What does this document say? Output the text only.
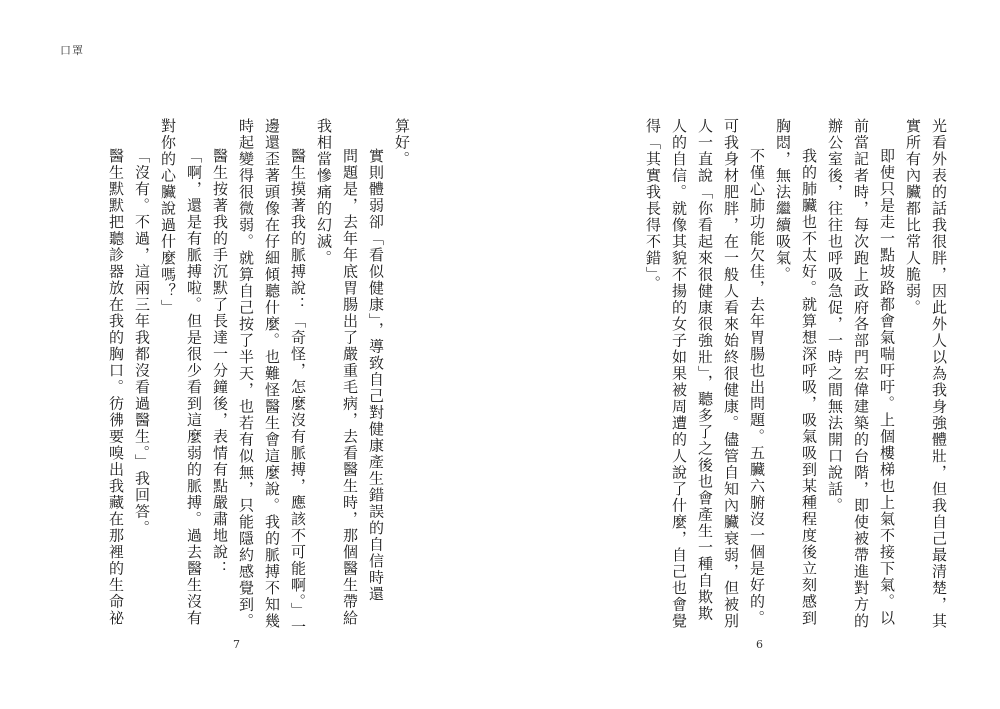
口罩

光看外表的話我很胖，因此外人以為我身強體壯，但我自己最清楚，其實所有內臟都比常人脆弱。

即使只是走一點坡路都會氣喘吁吁。上個樓梯也上氣不接下氣。以前當記者時，每次跑上政府各部門宏偉建築的台階，即使被帶進對方的辦公室後，往往也呼吸急促，一時之間無法開口說話。

我的肺臟也不太好。就算想深呼吸，吸氣吸到某種程度後立刻感到胸悶，無法繼續吸氣。

不僅心肺功能欠佳，去年胃腸也出問題。五臟六腑沒一個是好的。可我身材肥胖，在一般人看來始終很健康。儘管自知內臟衰弱，但被別人一直說「你看起來很健康很強壯」，聽多了之後也會產生一種自欺欺人的自信。就像其貌不揚的女子如果被周遭的人說了什麼，自己也會覺得「其實我長得不錯」。

算好。

實則體弱卻「看似健康」，導致自己對健康產生錯誤的自信時還

問題是，去年年底胃腸出了嚴重毛病，去看醫生時，那個醫生帶給我相當慘痛的幻滅。

醫生摸著我的脈搏說：「奇怪，怎麼沒有脈搏，應該不可能啊。」一邊還歪著頭像在仔細傾聽什麼。也難怪醫生會這麼說。我的脈搏不知幾時起變得很微弱。就算自己按了半天，也若有似無，只能隱約感覺到。

醫生按著我的手沉默了長達一分鐘後，表情有點嚴肅地說：

「啊，還是有脈搏啦。但是很少看到這麼弱的脈搏。過去醫生沒有對你的心臟說過什麼嗎？」

「沒有。不過，這兩三年我都沒看過醫生。」我回答。

醫生默默把聽診器放在我的胸口。彷彿要嗅出我藏在那裡的生命祕

7	6
